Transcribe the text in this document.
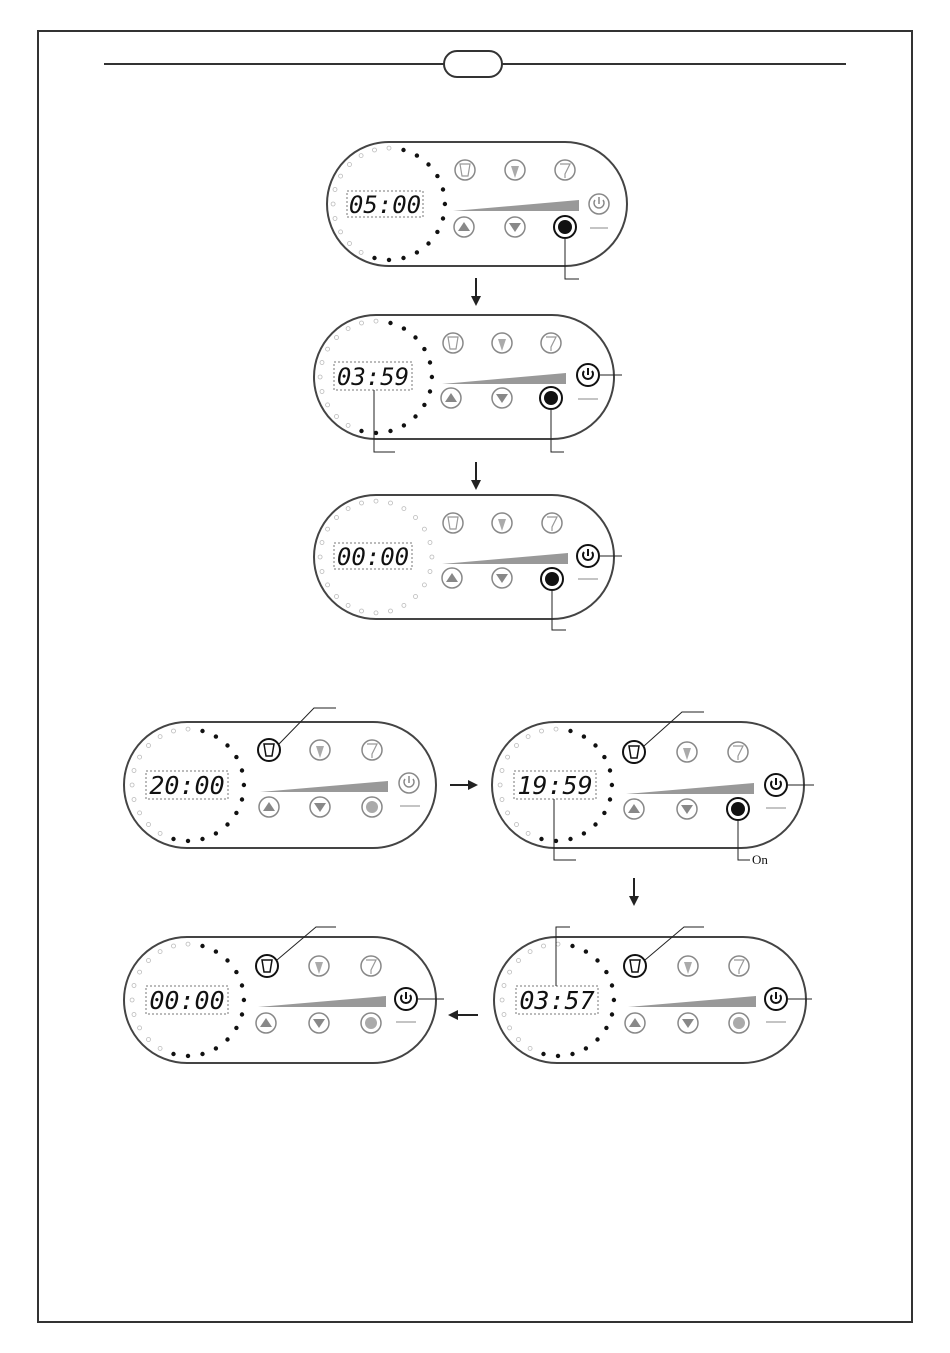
05:00
03:59
00:00
20:00	19:59
On
00:00	03:57
